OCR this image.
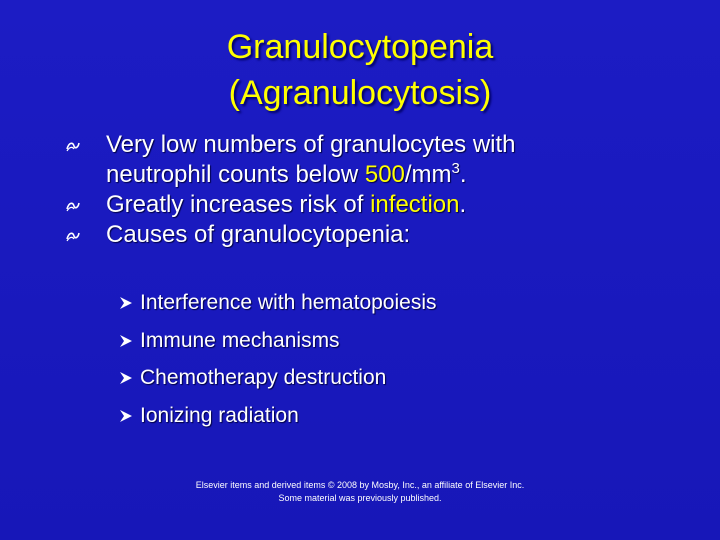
Granulocytopenia
(Agranulocytosis)
Very low numbers of granulocytes with
neutrophil counts below $500/mm^3$.
Greatly increases risk of infection.
Causes of granulocytopenia:
Interference with hematopoiesis
Immune mechanisms
Chemotherapy destruction
Ionizing radiation
Elsevier items and derived items © 2008 by Mosby, Inc., an affiliate of Elsevier Inc.
Some material was previously published.
